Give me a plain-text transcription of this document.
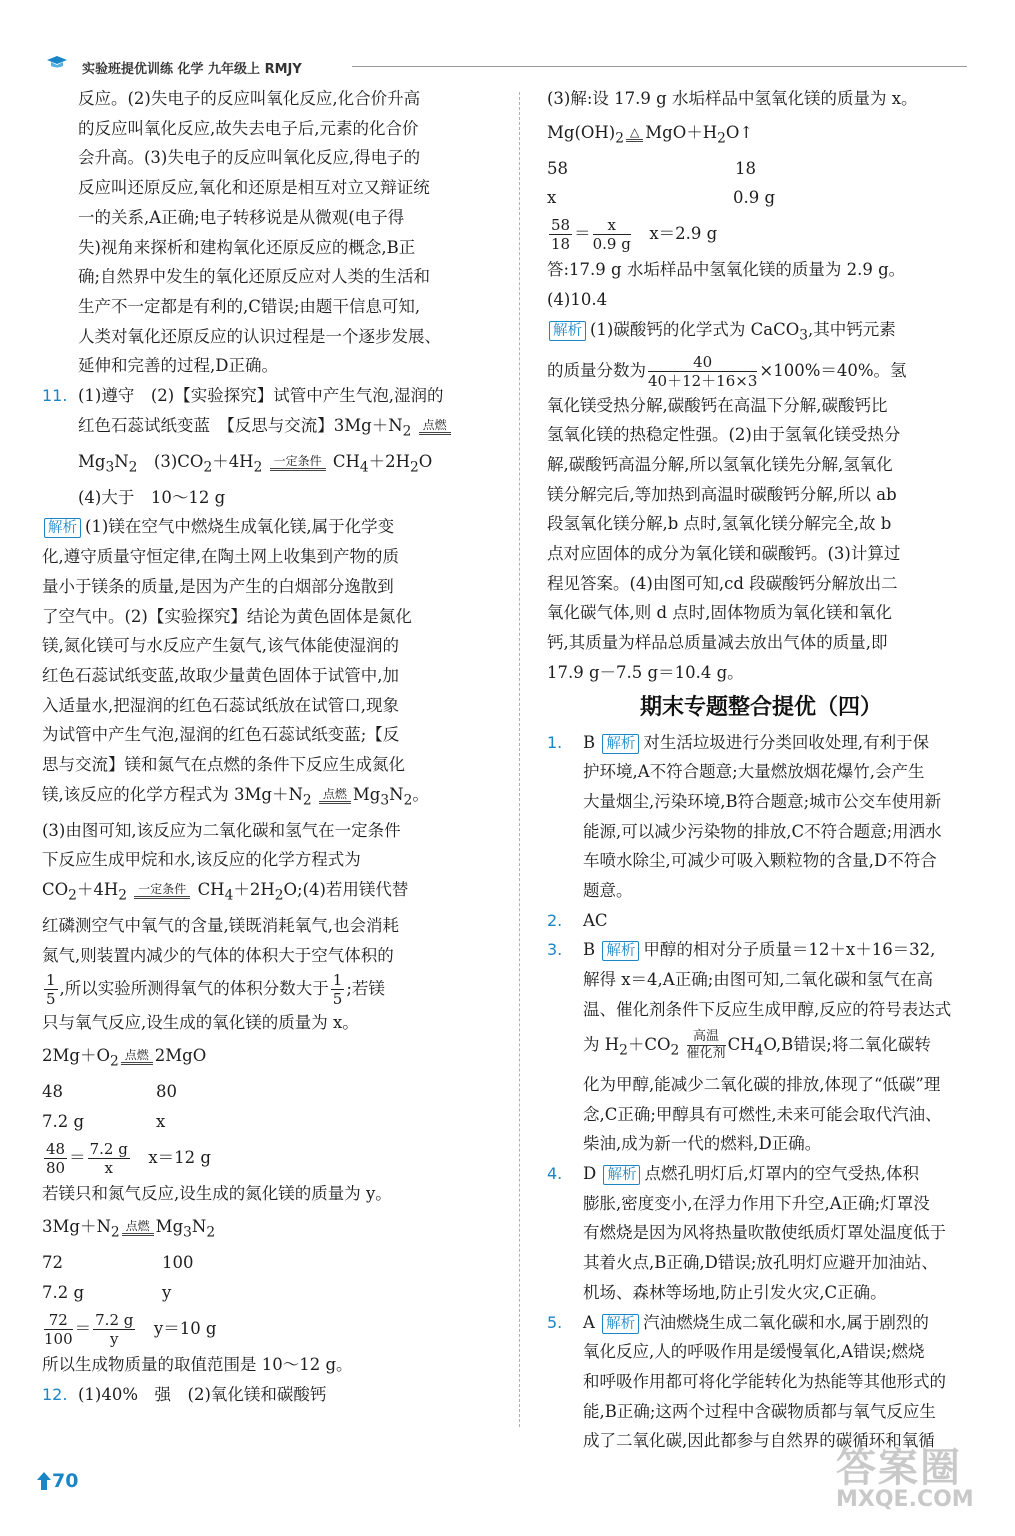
实验班提优训练 化学 九年级上 RMJY

反应。(2)失电子的反应叫氧化反应,化合价升高

的反应叫氧化反应,故失去电子后,元素的化合价

会升高。(3)失电子的反应叫氧化反应,得电子的

反应叫还原反应,氧化和还原是相互对立又辩证统

一的关系,A正确;电子转移说是从微观(电子得

失)视角来探析和建构氧化还原反应的概念,B正

确;自然界中发生的氧化还原反应对人类的生活和

生产不一定都是有利的,C错误;由题干信息可知,

人类对氧化还原反应的认识过程是一个逐步发展、

延伸和完善的过程,D正确。

11. (1)遵守　(2)【实验探究】试管中产生气泡,湿润的

红色石蕊试纸变蓝　【反思与交流】$3Mg+N_2$ 点燃

$Mg_3N_2$　$(3)CO_2+4H_2$ 一定条件 $CH_4+2H_2O$

(4)大于　10～12 g

解析 (1)镁在空气中燃烧生成氧化镁,属于化学变

化,遵守质量守恒定律,在陶土网上收集到产物的质

量小于镁条的质量,是因为产生的白烟部分逸散到

了空气中。(2)【实验探究】结论为黄色固体是氮化

镁,氮化镁可与水反应产生氨气,该气体能使湿润的

红色石蕊试纸变蓝,故取少量黄色固体于试管中,加

入适量水,把湿润的红色石蕊试纸放在试管口,现象

为试管中产生气泡,湿润的红色石蕊试纸变蓝;【反

思与交流】镁和氮气在点燃的条件下反应生成氮化

镁,该反应的化学方程式为 $3Mg+N_2$ 点燃 $Mg_3N_2$。

(3)由图可知,该反应为二氧化碳和氢气在一定条件

下反应生成甲烷和水,该反应的化学方程式为

$CO_2+4H_2$ 一定条件 $CH_4+2H_2O;(4)$若用镁代替

红磷测空气中氧气的含量,镁既消耗氧气,也会消耗

氮气,则装置内减少的气体的体积大于空气体积的

$\frac{1}{5}$ ,所以实验所测得氧气的体积分数大于 $\frac{1}{5}$ ;若镁

只与氧气反应,设生成的氧化镁的质量为 x。

$2Mg+O_2$ 点燃 2MgO
48	80
7.2 g	x
$\frac{48}{80} = \frac{7.2 g}{x}$
　 x＝12 g

若镁只和氮气反应,设生成的氮化镁的质量为 y。

$3Mg+N_2$ 点燃 $Mg_3N_2$
72	100
7.2 g	y
$\frac{72}{100} = \frac{7.2 g}{y}$
　 y＝10 g

所以生成物质量的取值范围是 10～12 g。

12. (1)40%　强　(2)氧化镁和碳酸钙

(3)解:设 17.9 g 水垢样品中氢氧化镁的质量为 x。

$Mg(OH)_2$ △ $MgO+H_2O↑$
58	18
x	0.9 g
$\frac{58}{18} = \frac{x}{0.9 g}$
　 x＝2.9 g

答:17.9 g 水垢样品中氢氧化镁的质量为 2.9 g。

(4)10.4

解析 (1)碳酸钙的化学式为 CaCO$_3$,其中钙元素

的质量分数为 $\frac{40}{40+12+16\times 3} \times 100\%=40\%$。氢

氧化镁受热分解,碳酸钙在高温下分解,碳酸钙比

氢氧化镁的热稳定性强。(2)由于氢氧化镁受热分

解,碳酸钙高温分解,所以氢氧化镁先分解,氢氧化

镁分解完后,等加热到高温时碳酸钙分解,所以 ab

段氢氧化镁分解,b 点时,氢氧化镁分解完全,故 b

点对应固体的成分为氧化镁和碳酸钙。(3)计算过

程见答案。(4)由图可知,cd 段碳酸钙分解放出二

氧化碳气体,则 d 点时,固体物质为氧化镁和氧化

钙,其质量为样品总质量减去放出气体的质量,即

17.9 g－7.5 g＝10.4 g。

期末专题整合提优（四）
1.	B 解析 对生活垃圾进行分类回收处理,有利于保

护环境,A不符合题意;大量燃放烟花爆竹,会产生

大量烟尘,污染环境,B符合题意;城市公交车使用新

能源,可以减少污染物的排放,C不符合题意;用洒水

车喷水除尘,可减少可吸入颗粒物的含量,D不符合

题意。

2.	AC
3.	B 解析 甲醇的相对分子质量＝12＋x＋16＝32,

解得 x＝4,A正确;由图可知,二氧化碳和氢气在高

温、催化剂条件下反应生成甲醇,反应的符号表达式

为 $H_2+CO_2$
高温
催化剂 $CH_4O,B$错误;将二氧化碳转

化为甲醇,能减少二氧化碳的排放,体现了“低碳”理

念,C正确;甲醇具有可燃性,未来可能会取代汽油、

柴油,成为新一代的燃料,D正确。

4.	D 解析 点燃孔明灯后,灯罩内的空气受热,体积

膨胀,密度变小,在浮力作用下升空,A正确;灯罩没

有燃烧是因为风将热量吹散使纸质灯罩处温度低于

其着火点,B正确,D错误;放孔明灯应避开加油站、

机场、森林等场地,防止引发火灾,C正确。

5.	A 解析 汽油燃烧生成二氧化碳和水,属于剧烈的

氧化反应,人的呼吸作用是缓慢氧化,A错误;燃烧

和呼吸作用都可将化学能转化为热能等其他形式的

能,B正确;这两个过程中含碳物质都与氧气反应生

成了二氧化碳,因此都参与自然界的碳循环和氧循

70	答案圈
MXQE.COM
